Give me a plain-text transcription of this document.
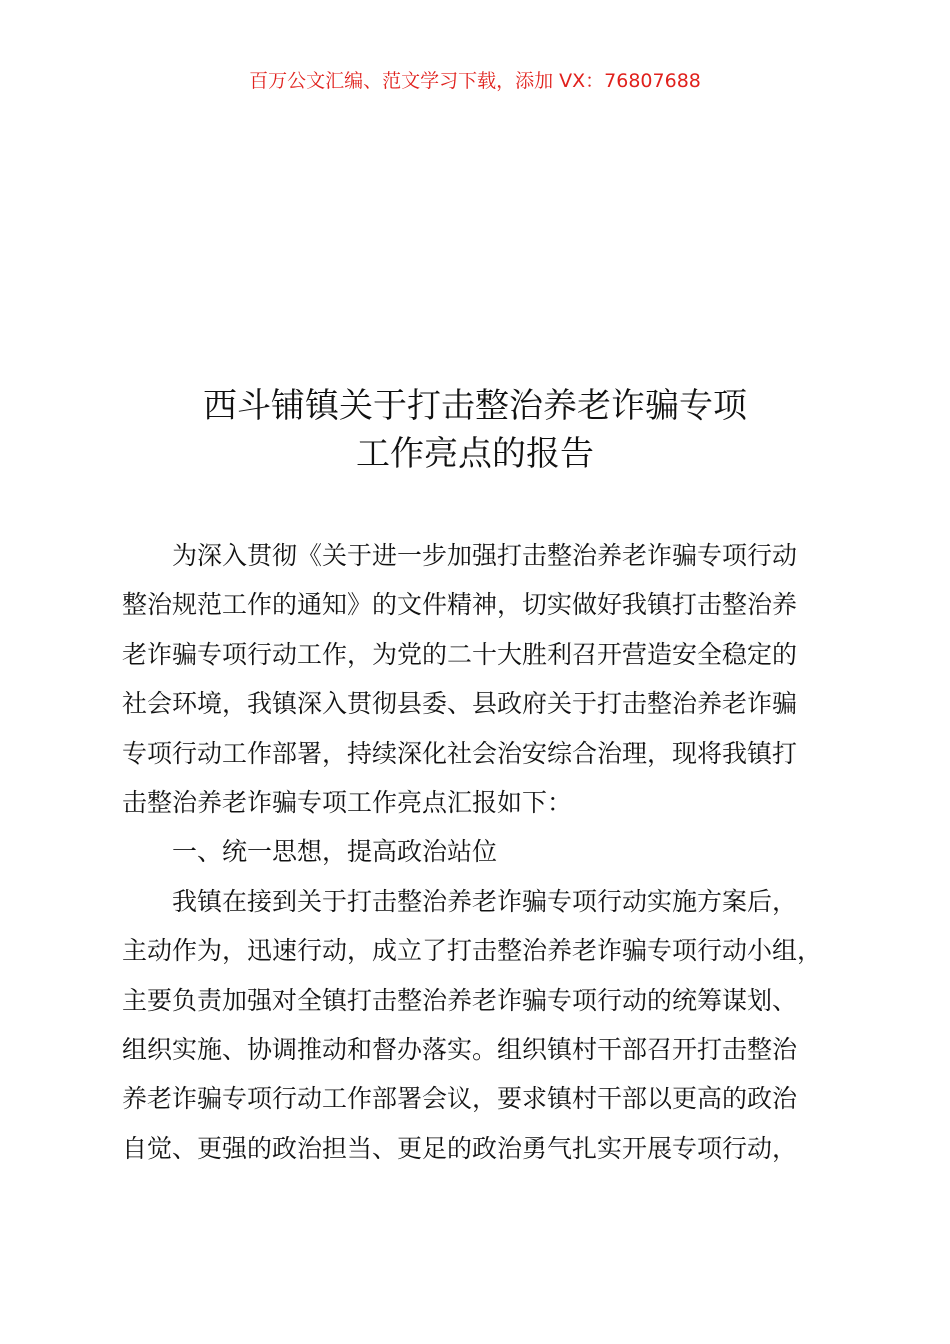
百万公文汇编、范文学习下载，添加 VX：76807688
西斗铺镇关于打击整治养老诈骗专项
工作亮点的报告
为深入贯彻《关于进一步加强打击整治养老诈骗专项行动
整治规范工作的通知》的文件精神，切实做好我镇打击整治养
老诈骗专项行动工作，为党的二十大胜利召开营造安全稳定的
社会环境，我镇深入贯彻县委、县政府关于打击整治养老诈骗
专项行动工作部署，持续深化社会治安综合治理，现将我镇打
击整治养老诈骗专项工作亮点汇报如下：
一、统一思想，提高政治站位
我镇在接到关于打击整治养老诈骗专项行动实施方案后，
主动作为，迅速行动，成立了打击整治养老诈骗专项行动小组，
主要负责加强对全镇打击整治养老诈骗专项行动的统筹谋划、
组织实施、协调推动和督办落实。组织镇村干部召开打击整治
养老诈骗专项行动工作部署会议，要求镇村干部以更高的政治
自觉、更强的政治担当、更足的政治勇气扎实开展专项行动，
